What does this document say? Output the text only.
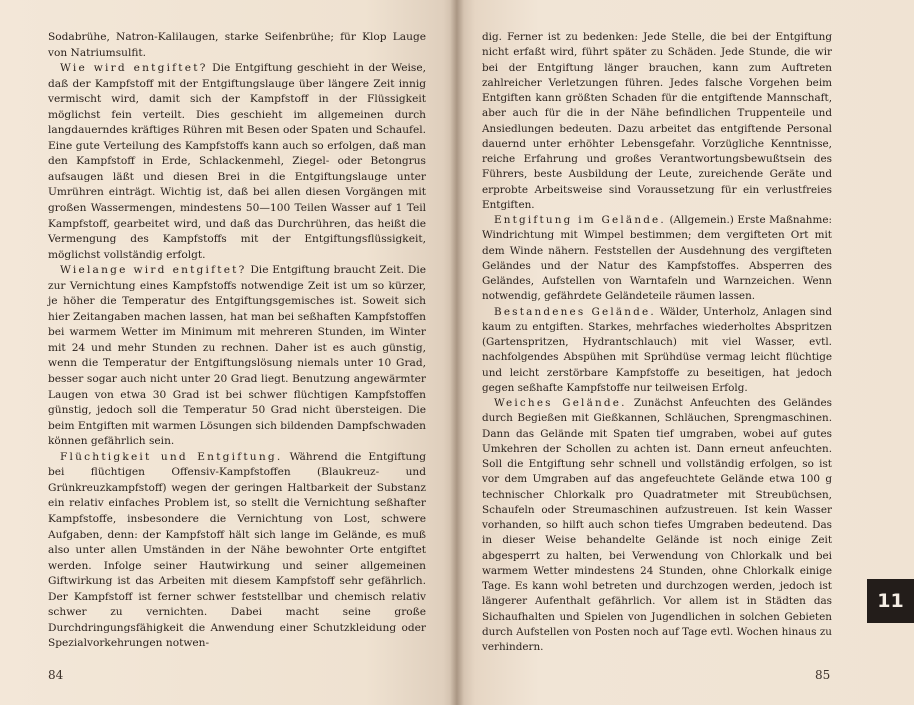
Sodabrühe, Natron-Kalilaugen, starke Seifenbrühe; für Klop Lauge von Natriumsulfit.

Wie wird entgiftet? Die Entgiftung geschieht in der Weise, daß der Kampfstoff mit der Entgiftungslauge über längere Zeit innig vermischt wird, damit sich der Kampfstoff in der Flüssigkeit möglichst fein verteilt. Dies geschieht im allgemeinen durch langdauerndes kräftiges Rühren mit Besen oder Spaten und Schaufel. Eine gute Verteilung des Kampfstoffs kann auch so erfolgen, daß man den Kampfstoff in Erde, Schlackenmehl, Ziegel- oder Betongrus aufsaugen läßt und diesen Brei in die Entgiftungslauge unter Umrühren einträgt. Wichtig ist, daß bei allen diesen Vorgängen mit großen Wassermengen, mindestens 50—100 Teilen Wasser auf 1 Teil Kampfstoff, gearbeitet wird, und daß das Durchrühren, das heißt die Vermengung des Kampfstoffs mit der Entgiftungsflüssigkeit, möglichst vollständig erfolgt.

Wielange wird entgiftet? Die Entgiftung braucht Zeit. Die zur Vernichtung eines Kampfstoffs notwendige Zeit ist um so kürzer, je höher die Temperatur des Entgiftungsgemisches ist. Soweit sich hier Zeitangaben machen lassen, hat man bei seßhaften Kampfstoffen bei warmem Wetter im Minimum mit mehreren Stunden, im Winter mit 24 und mehr Stunden zu rechnen. Daher ist es auch günstig, wenn die Temperatur der Entgiftungslösung niemals unter 10 Grad, besser sogar auch nicht unter 20 Grad liegt. Benutzung angewärmter Laugen von etwa 30 Grad ist bei schwer flüchtigen Kampfstoffen günstig, jedoch soll die Temperatur 50 Grad nicht übersteigen. Die beim Entgiften mit warmen Lösungen sich bildenden Dampfschwaden können gefährlich sein.

Flüchtigkeit und Entgiftung. Während die Entgiftung bei flüchtigen Offensiv-Kampfstoffen (Blaukreuz- und Grünkreuzkampfstoff) wegen der geringen Haltbarkeit der Substanz ein relativ einfaches Problem ist, so stellt die Vernichtung seßhafter Kampfstoffe, insbesondere die Vernichtung von Lost, schwere Aufgaben, denn: der Kampfstoff hält sich lange im Gelände, es muß also unter allen Umständen in der Nähe bewohnter Orte entgiftet werden. Infolge seiner Hautwirkung und seiner allgemeinen Giftwirkung ist das Arbeiten mit diesem Kampfstoff sehr gefährlich. Der Kampfstoff ist ferner schwer feststellbar und chemisch relativ schwer zu vernichten. Dabei macht seine große Durchdringungsfähigkeit die Anwendung einer Schutzkleidung oder Spezialvorkehrungen notwen-

84

dig. Ferner ist zu bedenken: Jede Stelle, die bei der Entgiftung nicht erfaßt wird, führt später zu Schäden. Jede Stunde, die wir bei der Entgiftung länger brauchen, kann zum Auftreten zahlreicher Verletzungen führen. Jedes falsche Vorgehen beim Entgiften kann größten Schaden für die entgiftende Mannschaft, aber auch für die in der Nähe befindlichen Truppenteile und Ansiedlungen bedeuten. Dazu arbeitet das entgiftende Personal dauernd unter erhöhter Lebensgefahr. Vorzügliche Kenntnisse, reiche Erfahrung und großes Verantwortungsbewußtsein des Führers, beste Ausbildung der Leute, zureichende Geräte und erprobte Arbeitsweise sind Voraussetzung für ein verlustfreies Entgiften.

Entgiftung im Gelände. (Allgemein.) Erste Maßnahme: Windrichtung mit Wimpel bestimmen; dem vergifteten Ort mit dem Winde nähern. Feststellen der Ausdehnung des vergifteten Geländes und der Natur des Kampfstoffes. Absperren des Geländes, Aufstellen von Warntafeln und Warnzeichen. Wenn notwendig, gefährdete Geländeteile räumen lassen.

Bestandenes Gelände. Wälder, Unterholz, Anlagen sind kaum zu entgiften. Starkes, mehrfaches wiederholtes Abspritzen (Gartenspritzen, Hydrantschlauch) mit viel Wasser, evtl. nachfolgendes Abspühen mit Sprühdüse vermag leicht flüchtige und leicht zerstörbare Kampfstoffe zu beseitigen, hat jedoch gegen seßhafte Kampfstoffe nur teilweisen Erfolg.

Weiches Gelände. Zunächst Anfeuchten des Geländes durch Begießen mit Gießkannen, Schläuchen, Sprengmaschinen. Dann das Gelände mit Spaten tief umgraben, wobei auf gutes Umkehren der Schollen zu achten ist. Dann erneut anfeuchten. Soll die Entgiftung sehr schnell und vollständig erfolgen, so ist vor dem Umgraben auf das angefeuchtete Gelände etwa 100 g technischer Chlorkalk pro Quadratmeter mit Streubüchsen, Schaufeln oder Streumaschinen aufzustreuen. Ist kein Wasser vorhanden, so hilft auch schon tiefes Umgraben bedeutend. Das in dieser Weise behandelte Gelände ist noch einige Zeit abgesperrt zu halten, bei Verwendung von Chlorkalk und bei warmem Wetter mindestens 24 Stunden, ohne Chlorkalk einige Tage. Es kann wohl betreten und durchzogen werden, jedoch ist längerer Aufenthalt gefährlich. Vor allem ist in Städten das Sichaufhalten und Spielen von Jugendlichen in solchen Gebieten durch Aufstellen von Posten noch auf Tage evtl. Wochen hinaus zu verhindern.

85
11
